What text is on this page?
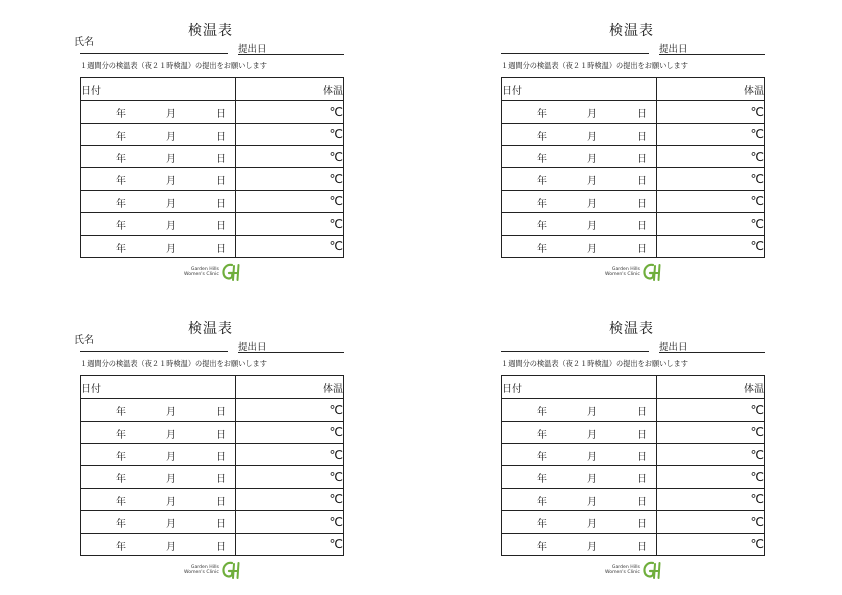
検温表
氏名
提出日
１週間分の検温表（夜２１時検温）の提出をお願いします
日付	体温

年 月 日	℃

年 月 日	℃

年 月 日	℃

年 月 日	℃

年 月 日	℃

年 月 日	℃

年 月 日	℃
Garden Hills
Women's Clinic
検温表
提出日
１週間分の検温表（夜２１時検温）の提出をお願いします
日付	体温

年 月 日	℃

年 月 日	℃

年 月 日	℃

年 月 日	℃

年 月 日	℃

年 月 日	℃

年 月 日	℃
Garden Hills
Women's Clinic
検温表
氏名
提出日
１週間分の検温表（夜２１時検温）の提出をお願いします
日付	体温

年 月 日	℃

年 月 日	℃

年 月 日	℃

年 月 日	℃

年 月 日	℃

年 月 日	℃

年 月 日	℃
Garden Hills
Women's Clinic
検温表
提出日
１週間分の検温表（夜２１時検温）の提出をお願いします
日付	体温

年 月 日	℃

年 月 日	℃

年 月 日	℃

年 月 日	℃

年 月 日	℃

年 月 日	℃

年 月 日	℃
Garden Hills
Women's Clinic
